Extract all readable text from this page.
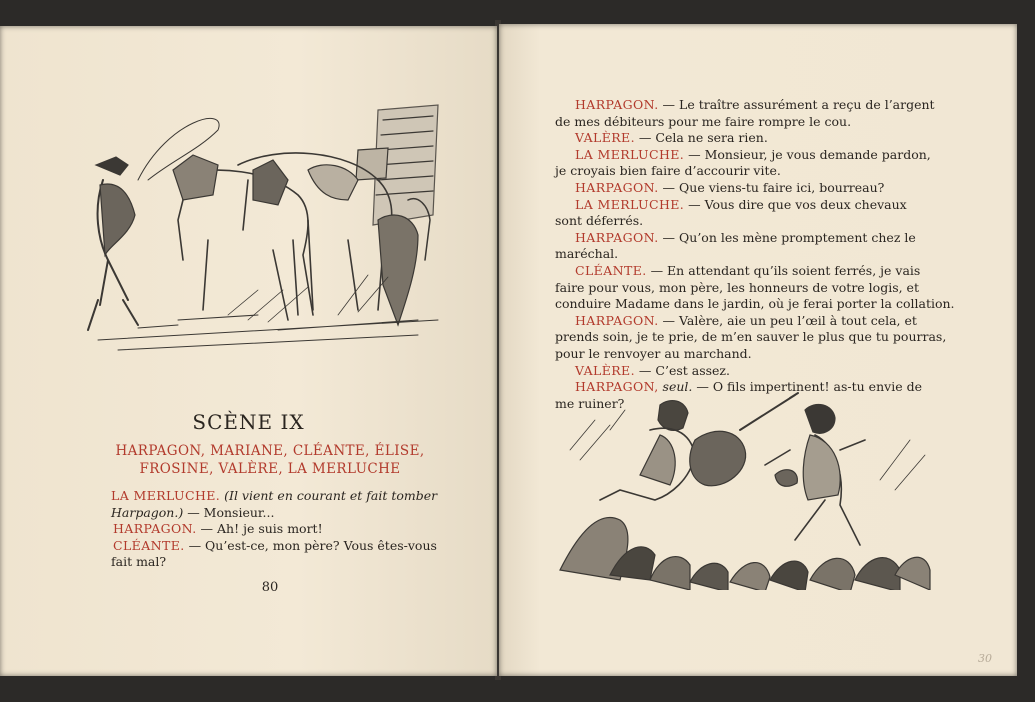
SCÈNE IX
HARPAGON, MARIANE, CLÉANTE, ÉLISE,
FROSINE, VALÈRE, LA MERLUCHE
LA MERLUCHE. (Il vient en courant et fait tomber
Harpagon.) — Monsieur...
HARPAGON. — Ah! je suis mort!
CLÉANTE. — Qu’est-ce, mon père? Vous êtes-vous
fait mal?
80
HARPAGON. — Le traître assurément a reçu de l’argent
de mes débiteurs pour me faire rompre le cou.
VALÈRE. — Cela ne sera rien.
LA MERLUCHE. — Monsieur, je vous demande pardon,
je croyais bien faire d’accourir vite.
HARPAGON. — Que viens-tu faire ici, bourreau?
LA MERLUCHE. — Vous dire que vos deux chevaux
sont déferrés.
HARPAGON. — Qu’on les mène promptement chez le
maréchal.
CLÉANTE. — En attendant qu’ils soient ferrés, je vais
faire pour vous, mon père, les honneurs de votre logis, et
conduire Madame dans le jardin, où je ferai porter la collation.
HARPAGON. — Valère, aie un peu l’œil à tout cela, et
prends soin, je te prie, de m’en sauver le plus que tu pourras,
pour le renvoyer au marchand.
VALÈRE. — C’est assez.
HARPAGON, seul. — O fils impertinent! as-tu envie de
me ruiner?
30
